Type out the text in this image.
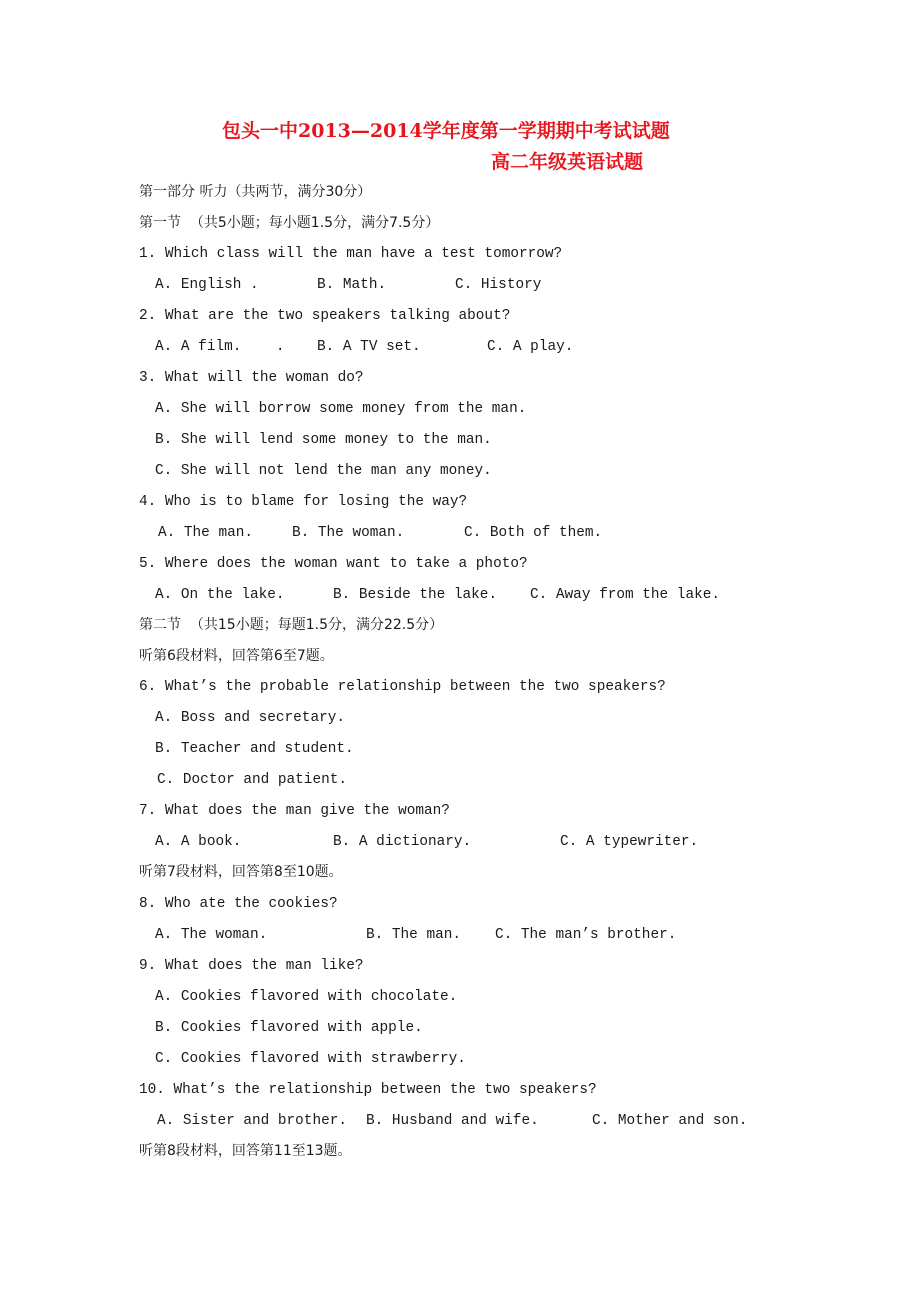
包头一中2013—2014学年度第一学期期中考试试题
高二年级英语试题
第一部分 听力（共两节，满分30分）
第一节  （共5小题；每小题1.5分，满分7.5分）
1. Which class will the man have a test tomorrow?
A. English .	B. Math.	C. History
2. What are the two speakers talking about?
A. A film.    . B. A TV set.	C. A play.
3. What will the woman do?
A. She will borrow some money from the man.
B. She will lend some money to the man.
C. She will not lend the man any money.
4. Who is to blame for losing the way?
A. The man.	B. The woman.	C. Both of them.
5. Where does the woman want to take a photo?
A. On the lake.	B. Beside the lake. C. Away from the lake.
第二节  （共15小题；每题1.5分，满分22.5分）
听第6段材料，回答第6至7题。
6. What’s the probable relationship between the two speakers?
A. Boss and secretary.
B. Teacher and student.
C. Doctor and patient.
7. What does the man give the woman?
A. A book.	B. A dictionary.	C. A typewriter.
听第7段材料，回答第8至10题。
8. Who ate the cookies?
A. The woman.	B. The man. C. The man’s brother.
9. What does the man like?
A. Cookies flavored with chocolate.
B. Cookies flavored with apple.
C. Cookies flavored with strawberry.
10. What’s the relationship between the two speakers?
A. Sister and brother. B. Husband and wife.	C. Mother and son.
听第8段材料，回答第11至13题。
